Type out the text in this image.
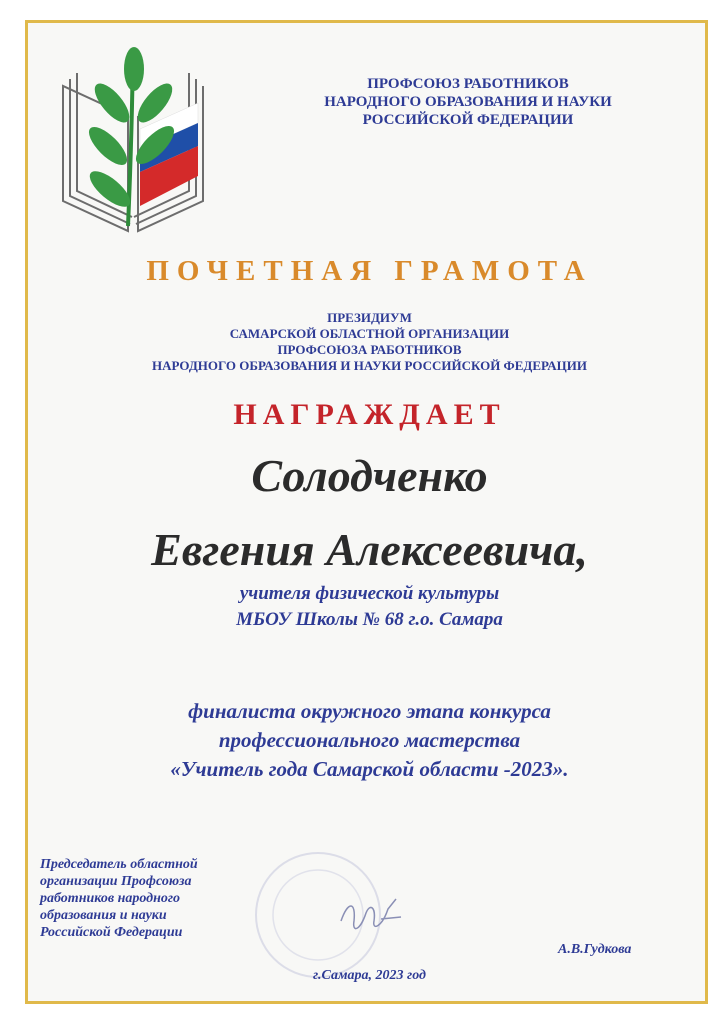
ПРОФСОЮЗ РАБОТНИКОВ
НАРОДНОГО ОБРАЗОВАНИЯ И НАУКИ
РОССИЙСКОЙ ФЕДЕРАЦИИ
ПОЧЕТНАЯ ГРАМОТА
ПРЕЗИДИУМ
САМАРСКОЙ ОБЛАСТНОЙ ОРГАНИЗАЦИИ
ПРОФСОЮЗА РАБОТНИКОВ
НАРОДНОГО ОБРАЗОВАНИЯ И НАУКИ РОССИЙСКОЙ ФЕДЕРАЦИИ
НАГРАЖДАЕТ
Солодченко
Евгения Алексеевича,
учителя физической культуры
МБОУ Школы № 68 г.о. Самара
финалиста окружного этапа конкурса
профессионального мастерства
«Учитель года Самарской области -2023».
Председатель областной
организации Профсоюза
работников народного
образования и науки
Российской Федерации
А.В.Гудкова
г.Самара, 2023 год
